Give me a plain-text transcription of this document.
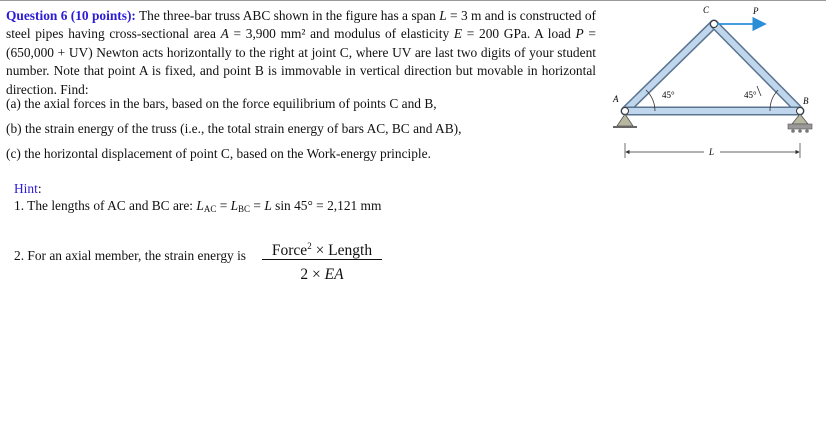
Question 6 (10 points): The three-bar truss ABC shown in the figure has a span L = 3 m and is constructed of steel pipes having cross-sectional area A = 3,900 mm² and modulus of elasticity E = 200 GPa. A load P = (650,000 + UV) Newton acts horizontally to the right at joint C, where UV are last two digits of your student number. Note that point A is fixed, and point B is immovable in vertical direction but movable in horizontal direction. Find:
(a) the axial forces in the bars, based on the force equilibrium of points C and B,
(b) the strain energy of the truss (i.e., the total strain energy of bars AC, BC and AB),
(c) the horizontal displacement of point C, based on the Work-energy principle.
Hint:
1. The lengths of AC and BC are: $L_{AC} = L_{BC} = L$ sin 45° = 2,121 mm
2. For an axial member, the strain energy is	Force$^2$ × Length
2 × EA
C	P
A	B
45°	45°
L
